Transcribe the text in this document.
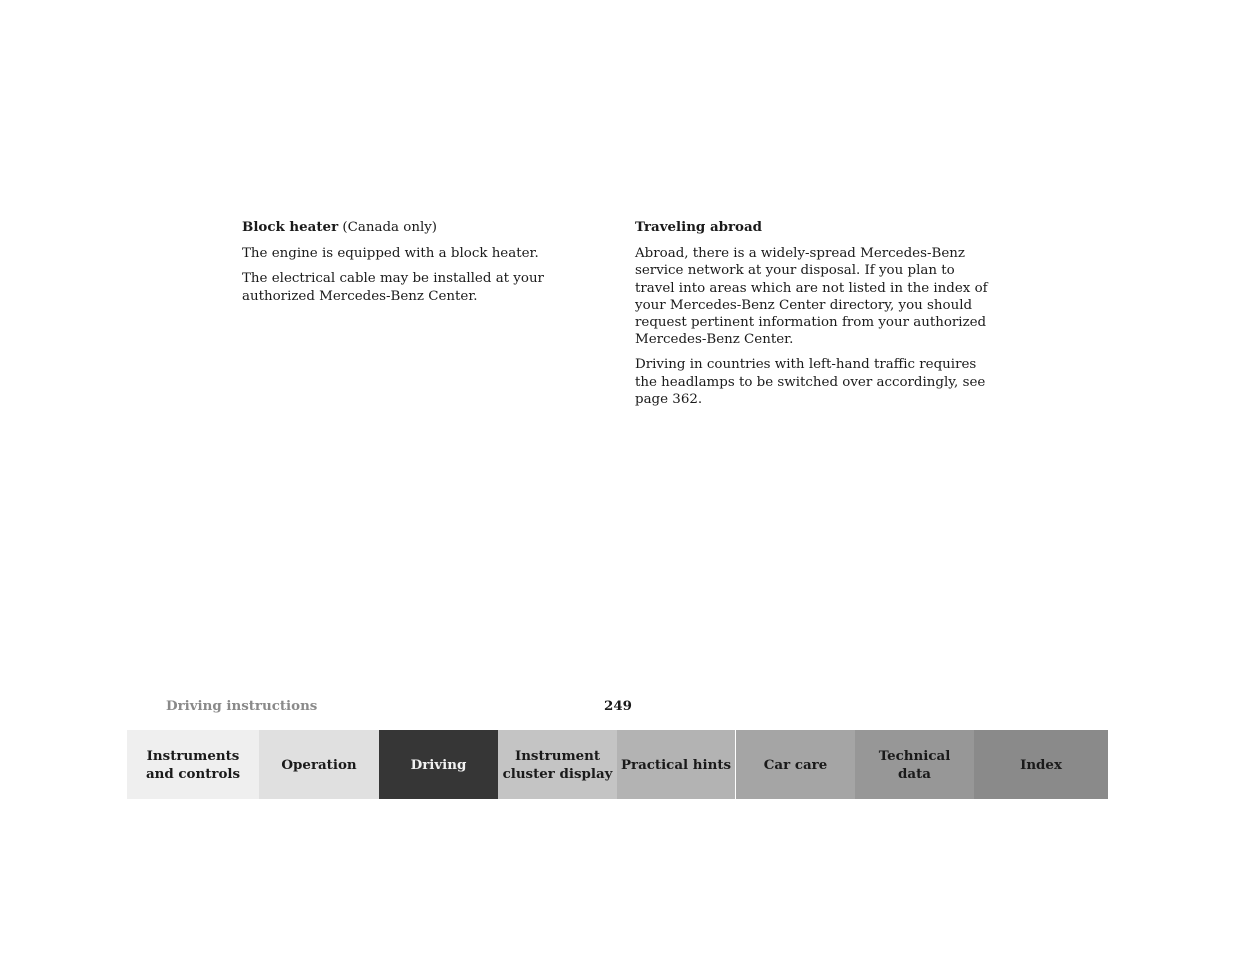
Block heater (Canada only)

The engine is equipped with a block heater.

The electrical cable may be installed at your authorized Mercedes-Benz Center.

Traveling abroad

Abroad, there is a widely-spread Mercedes-Benz service network at your disposal. If you plan to travel into areas which are not listed in the index of your Mercedes-Benz Center directory, you should request pertinent information from your authorized Mercedes-Benz Center.

Driving in countries with left-hand traffic requires the headlamps to be switched over accordingly, see page 362.

Driving instructions	249
Instruments
and controls
Operation	Driving
Instrument
cluster display
Practical hints	Car care
Technical
data
Index
